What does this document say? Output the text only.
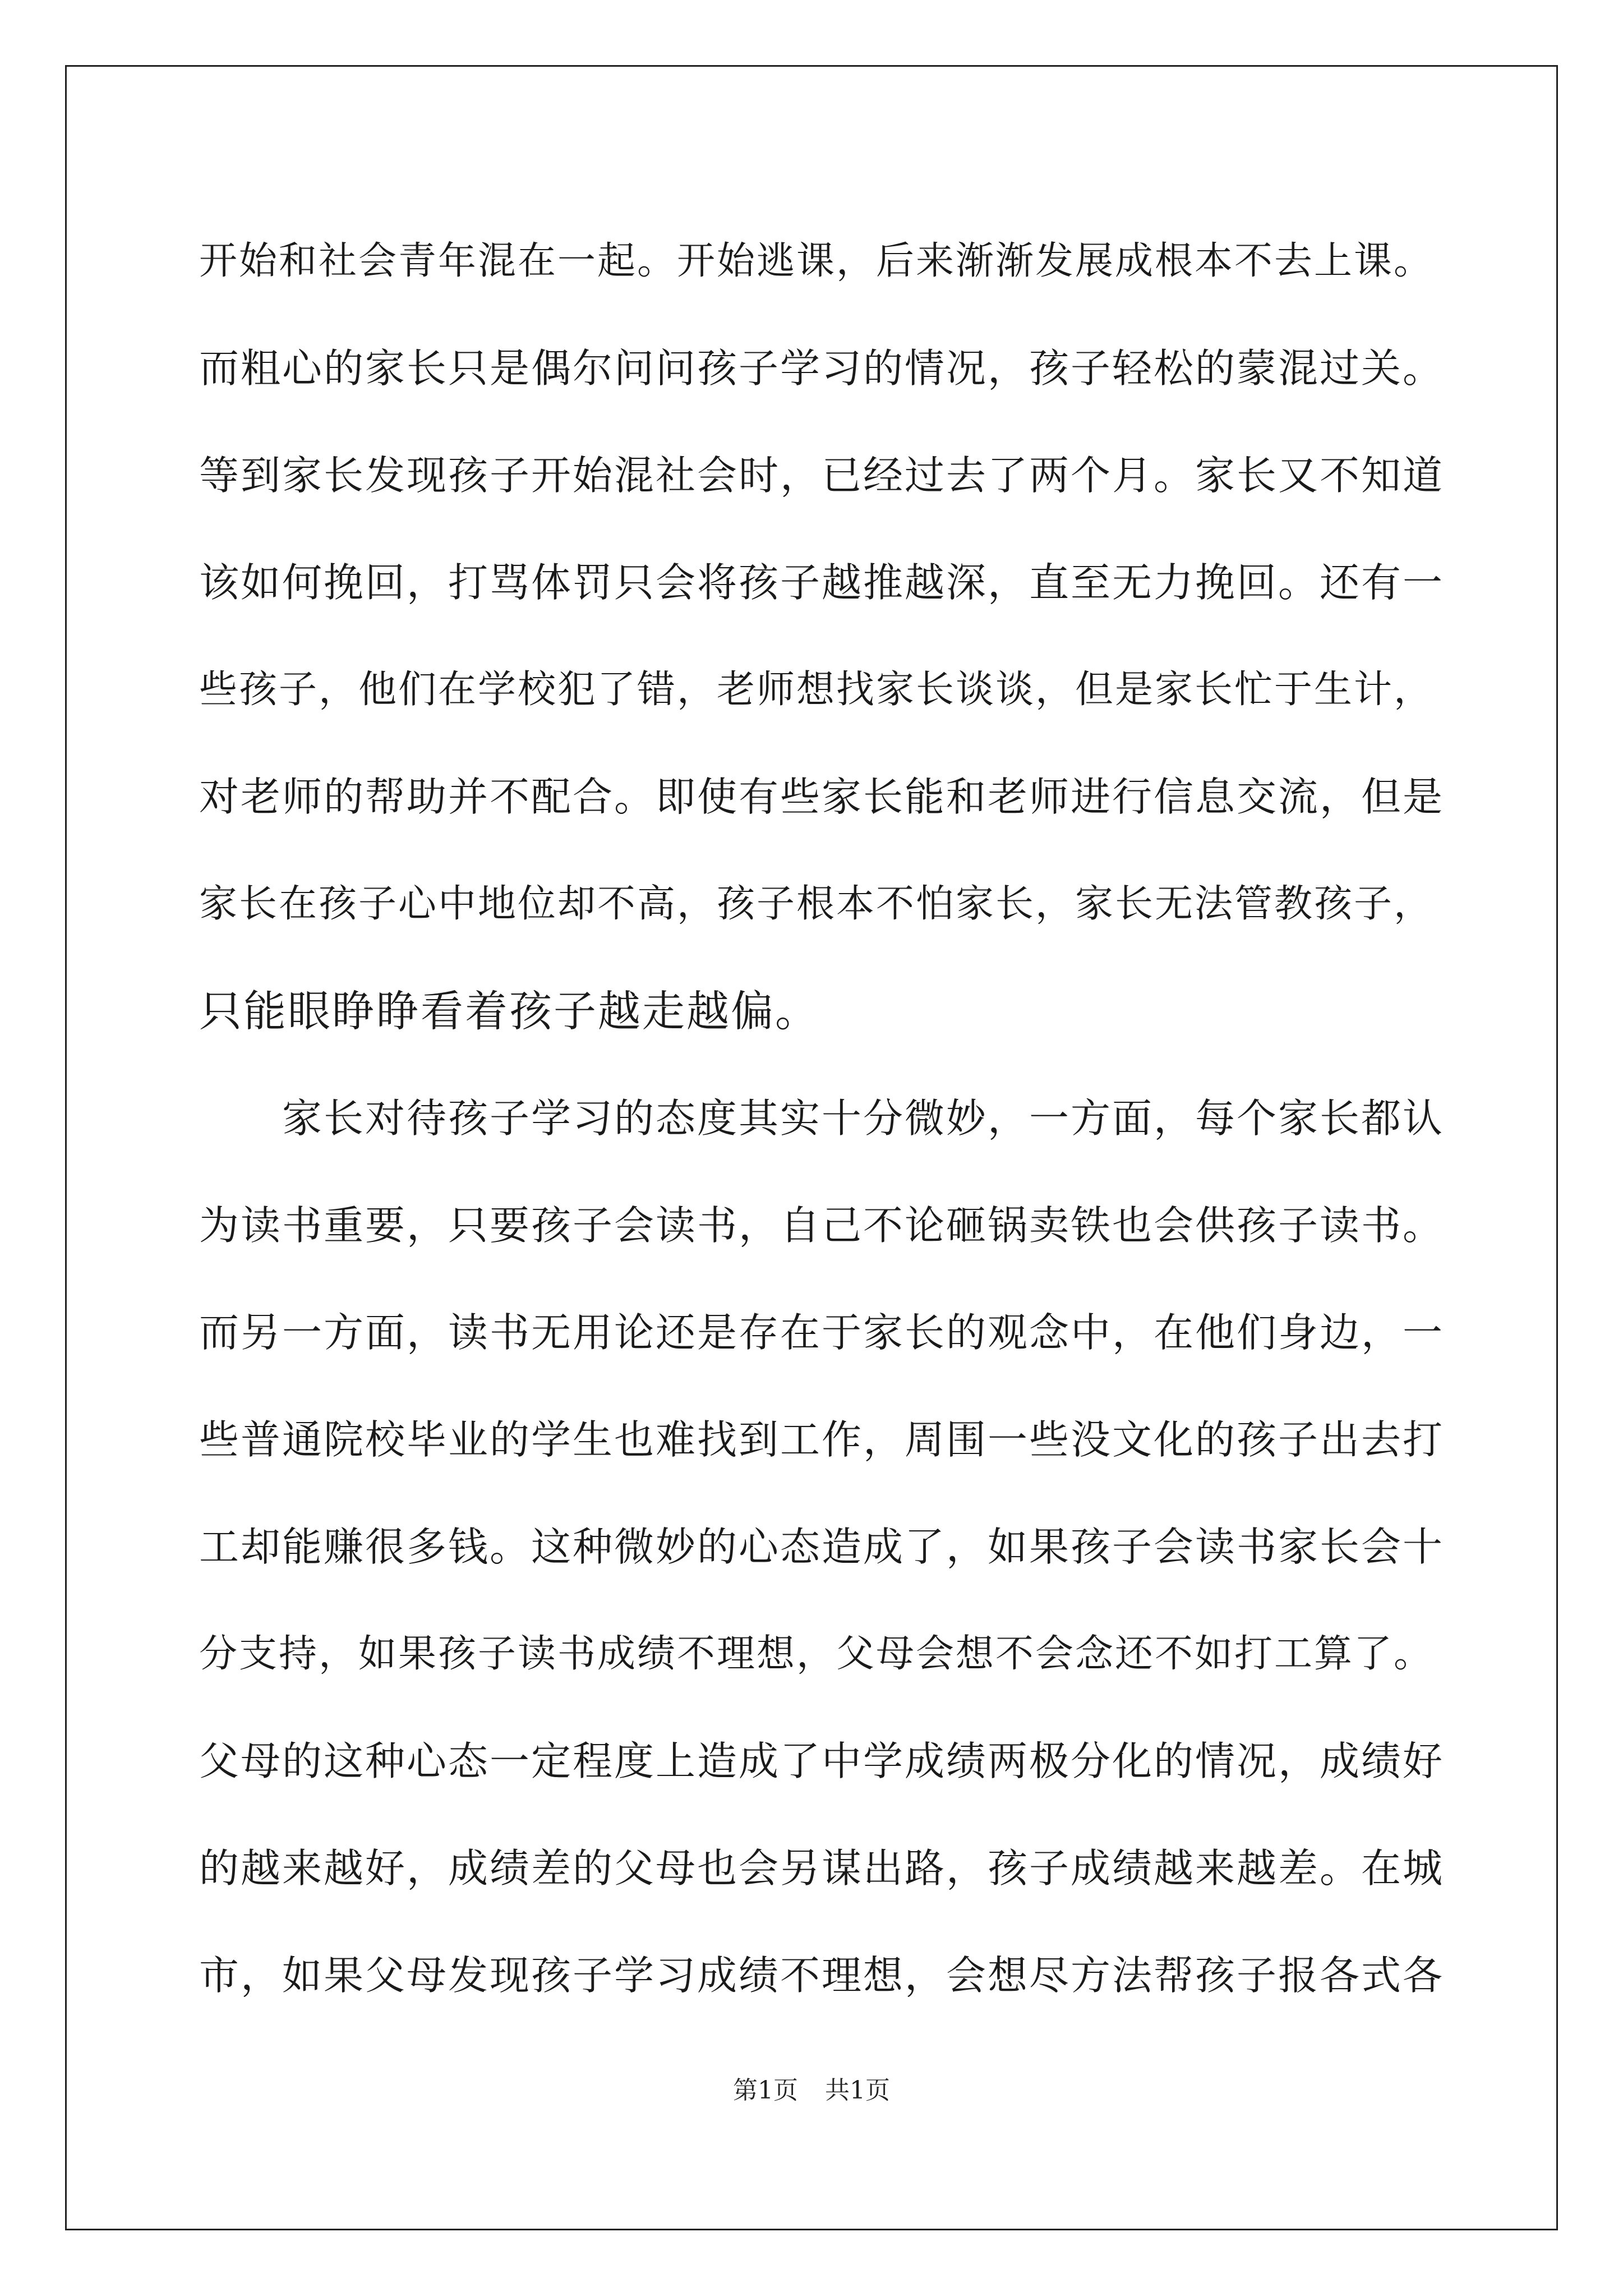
开始和社会青年混在一起。开始逃课，后来渐渐发展成根本不去上课。
而粗心的家长只是偶尔问问孩子学习的情况，孩子轻松的蒙混过关。
等到家长发现孩子开始混社会时，已经过去了两个月。家长又不知道
该如何挽回，打骂体罚只会将孩子越推越深，直至无力挽回。还有一
些孩子，他们在学校犯了错，老师想找家长谈谈，但是家长忙于生计，
对老师的帮助并不配合。即使有些家长能和老师进行信息交流，但是
家长在孩子心中地位却不高，孩子根本不怕家长，家长无法管教孩子，
只能眼睁睁看着孩子越走越偏。
家长对待孩子学习的态度其实十分微妙，一方面，每个家长都认
为读书重要，只要孩子会读书，自己不论砸锅卖铁也会供孩子读书。
而另一方面，读书无用论还是存在于家长的观念中，在他们身边，一
些普通院校毕业的学生也难找到工作，周围一些没文化的孩子出去打
工却能赚很多钱。这种微妙的心态造成了，如果孩子会读书家长会十
分支持，如果孩子读书成绩不理想，父母会想不会念还不如打工算了。
父母的这种心态一定程度上造成了中学成绩两极分化的情况，成绩好
的越来越好，成绩差的父母也会另谋出路，孩子成绩越来越差。在城
市，如果父母发现孩子学习成绩不理想，会想尽方法帮孩子报各式各
第1页 共1页
